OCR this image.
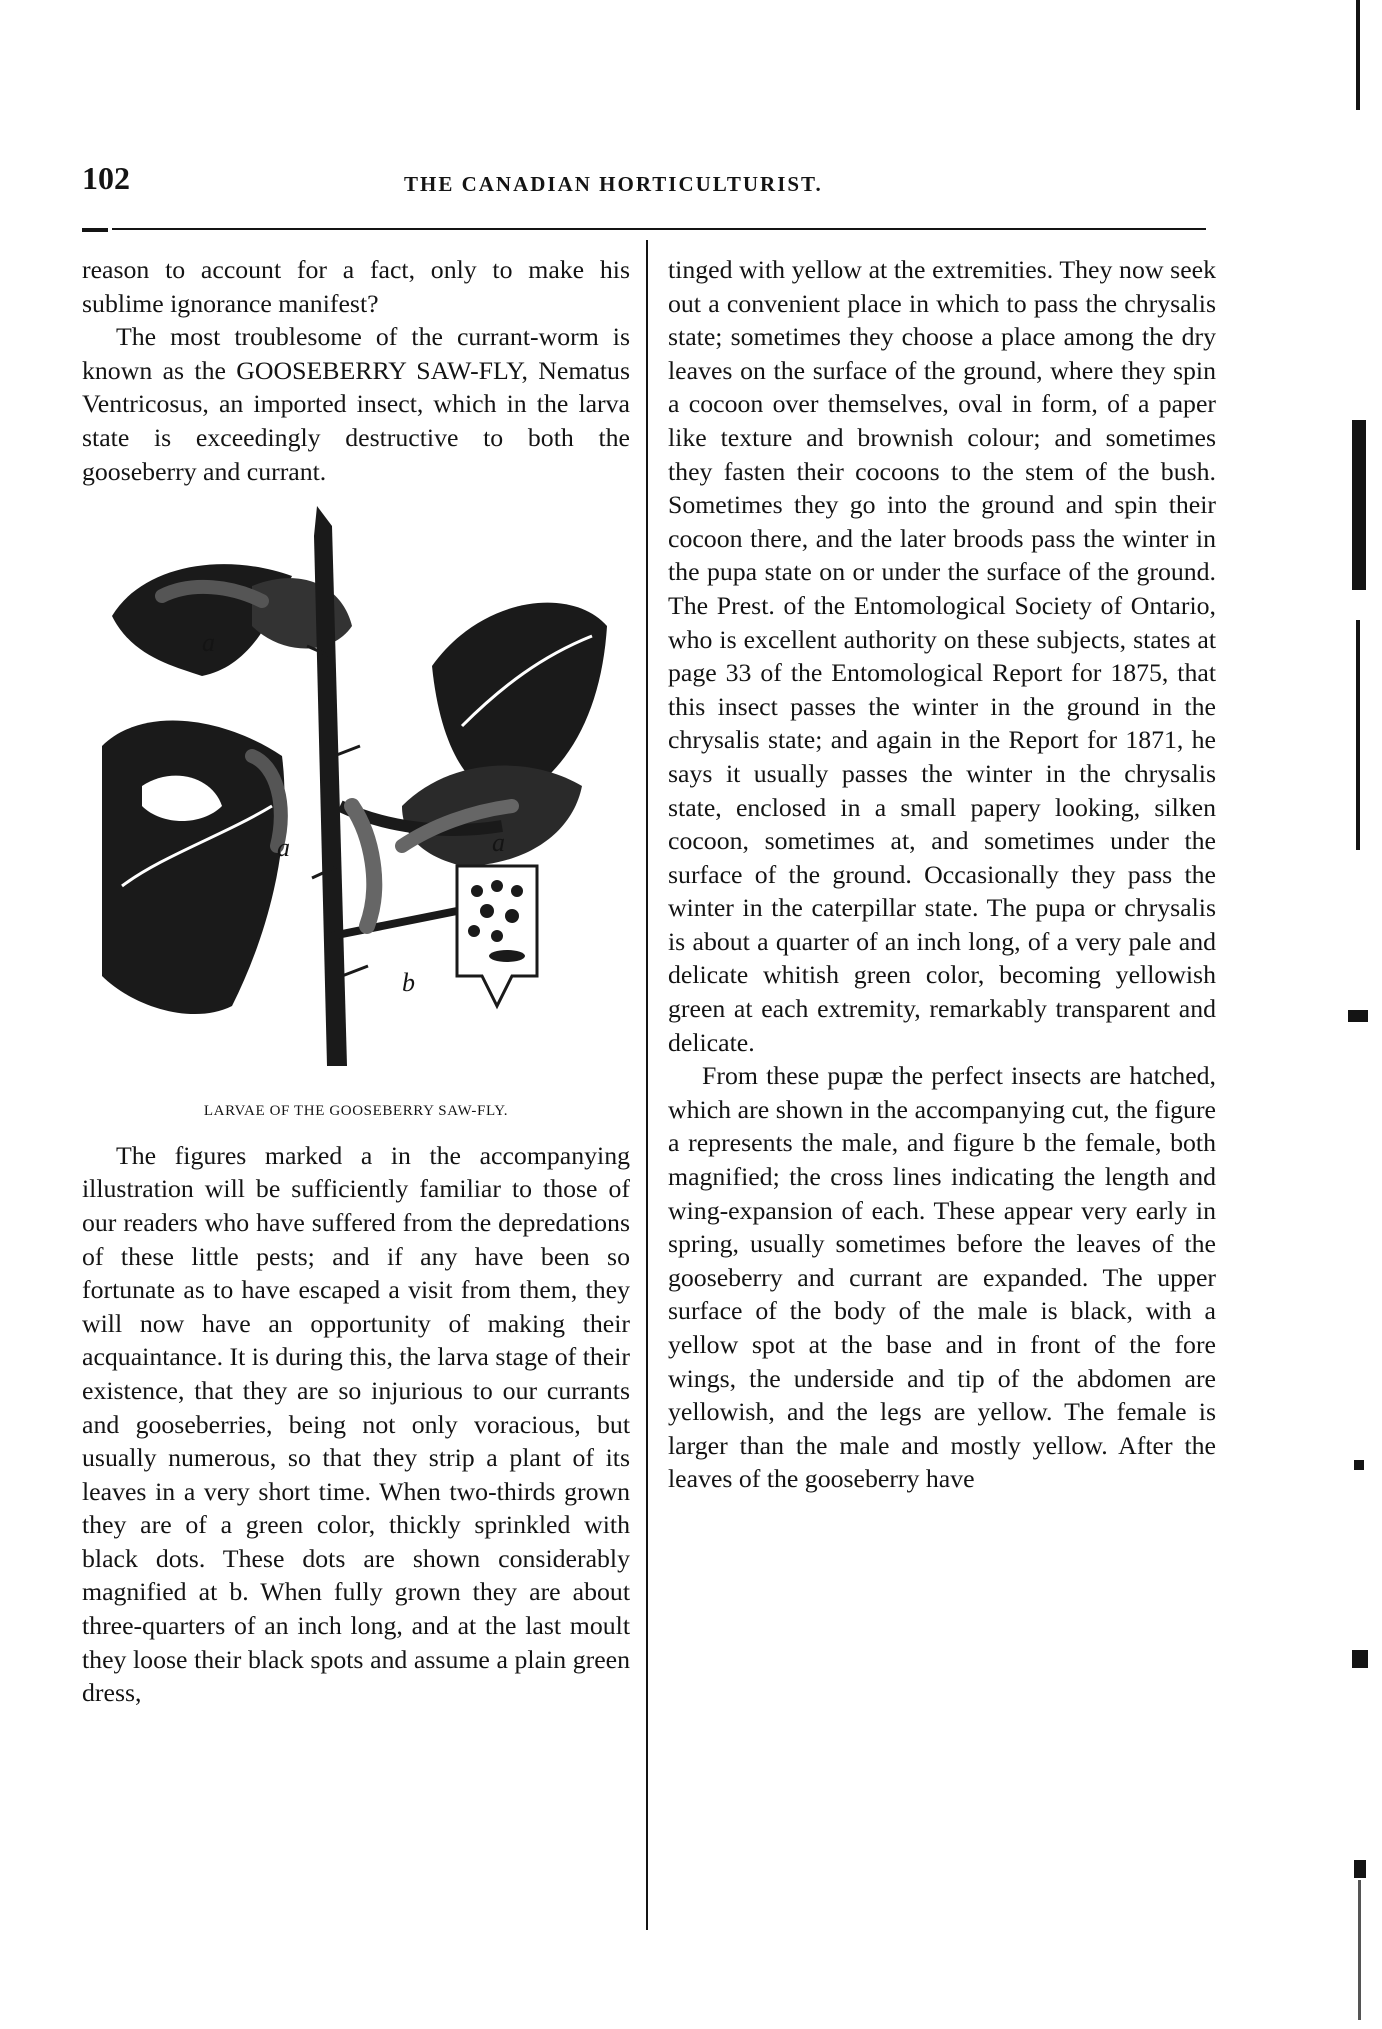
102	THE CANADIAN HORTICULTURIST.

reason to account for a fact, only to make his sublime ignorance manifest?

The most troublesome of the currant-worm is known as the GOOSEBERRY SAW-FLY, Nematus Ventricosus, an imported insect, which in the larva state is exceedingly destructive to both the gooseberry and currant.

a
a	a
b
LARVAE OF THE GOOSEBERRY SAW-FLY.

The figures marked a in the accompanying illustration will be sufficiently familiar to those of our readers who have suffered from the depredations of these little pests; and if any have been so fortunate as to have escaped a visit from them, they will now have an opportunity of making their acquaintance. It is during this, the larva stage of their existence, that they are so injurious to our currants and gooseberries, being not only voracious, but usually numerous, so that they strip a plant of its leaves in a very short time. When two-thirds grown they are of a green color, thickly sprinkled with black dots. These dots are shown considerably magnified at b. When fully grown they are about three-quarters of an inch long, and at the last moult they loose their black spots and assume a plain green dress,

tinged with yellow at the extremities. They now seek out a convenient place in which to pass the chrysalis state; sometimes they choose a place among the dry leaves on the surface of the ground, where they spin a cocoon over themselves, oval in form, of a paper like texture and brownish colour; and sometimes they fasten their cocoons to the stem of the bush. Sometimes they go into the ground and spin their cocoon there, and the later broods pass the winter in the pupa state on or under the surface of the ground. The Prest. of the Entomological Society of Ontario, who is excellent authority on these subjects, states at page 33 of the Entomological Report for 1875, that this insect passes the winter in the ground in the chrysalis state; and again in the Report for 1871, he says it usually passes the winter in the chrysalis state, enclosed in a small papery looking, silken cocoon, sometimes at, and sometimes under the surface of the ground. Occasionally they pass the winter in the caterpillar state. The pupa or chrysalis is about a quarter of an inch long, of a very pale and delicate whitish green color, becoming yellowish green at each extremity, remarkably transparent and delicate.

From these pupæ the perfect insects are hatched, which are shown in the accompanying cut, the figure a represents the male, and figure b the female, both magnified; the cross lines indicating the length and wing-expansion of each. These appear very early in spring, usually sometimes before the leaves of the gooseberry and currant are expanded. The upper surface of the body of the male is black, with a yellow spot at the base and in front of the fore wings, the underside and tip of the abdomen are yellowish, and the legs are yellow. The female is larger than the male and mostly yellow. After the leaves of the gooseberry have
